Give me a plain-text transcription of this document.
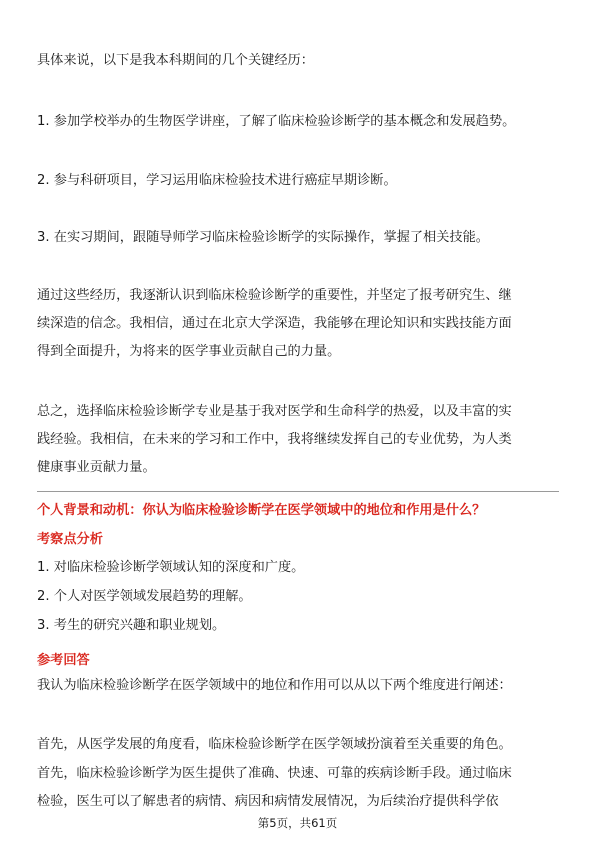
具体来说，以下是我本科期间的几个关键经历：
1. 参加学校举办的生物医学讲座，了解了临床检验诊断学的基本概念和发展趋势。
2. 参与科研项目，学习运用临床检验技术进行癌症早期诊断。
3. 在实习期间，跟随导师学习临床检验诊断学的实际操作，掌握了相关技能。
通过这些经历，我逐渐认识到临床检验诊断学的重要性，并坚定了报考研究生、继
续深造的信念。我相信，通过在北京大学深造，我能够在理论知识和实践技能方面
得到全面提升，为将来的医学事业贡献自己的力量。
总之，选择临床检验诊断学专业是基于我对医学和生命科学的热爱，以及丰富的实
践经验。我相信，在未来的学习和工作中，我将继续发挥自己的专业优势，为人类
健康事业贡献力量。
个人背景和动机：你认为临床检验诊断学在医学领域中的地位和作用是什么？
考察点分析
1. 对临床检验诊断学领域认知的深度和广度。
2. 个人对医学领域发展趋势的理解。
3. 考生的研究兴趣和职业规划。
参考回答
我认为临床检验诊断学在医学领域中的地位和作用可以从以下两个维度进行阐述：
首先，从医学发展的角度看，临床检验诊断学在医学领域扮演着至关重要的角色。
首先，临床检验诊断学为医生提供了准确、快速、可靠的疾病诊断手段。通过临床
检验，医生可以了解患者的病情、病因和病情发展情况，为后续治疗提供科学依
第5页，共61页
